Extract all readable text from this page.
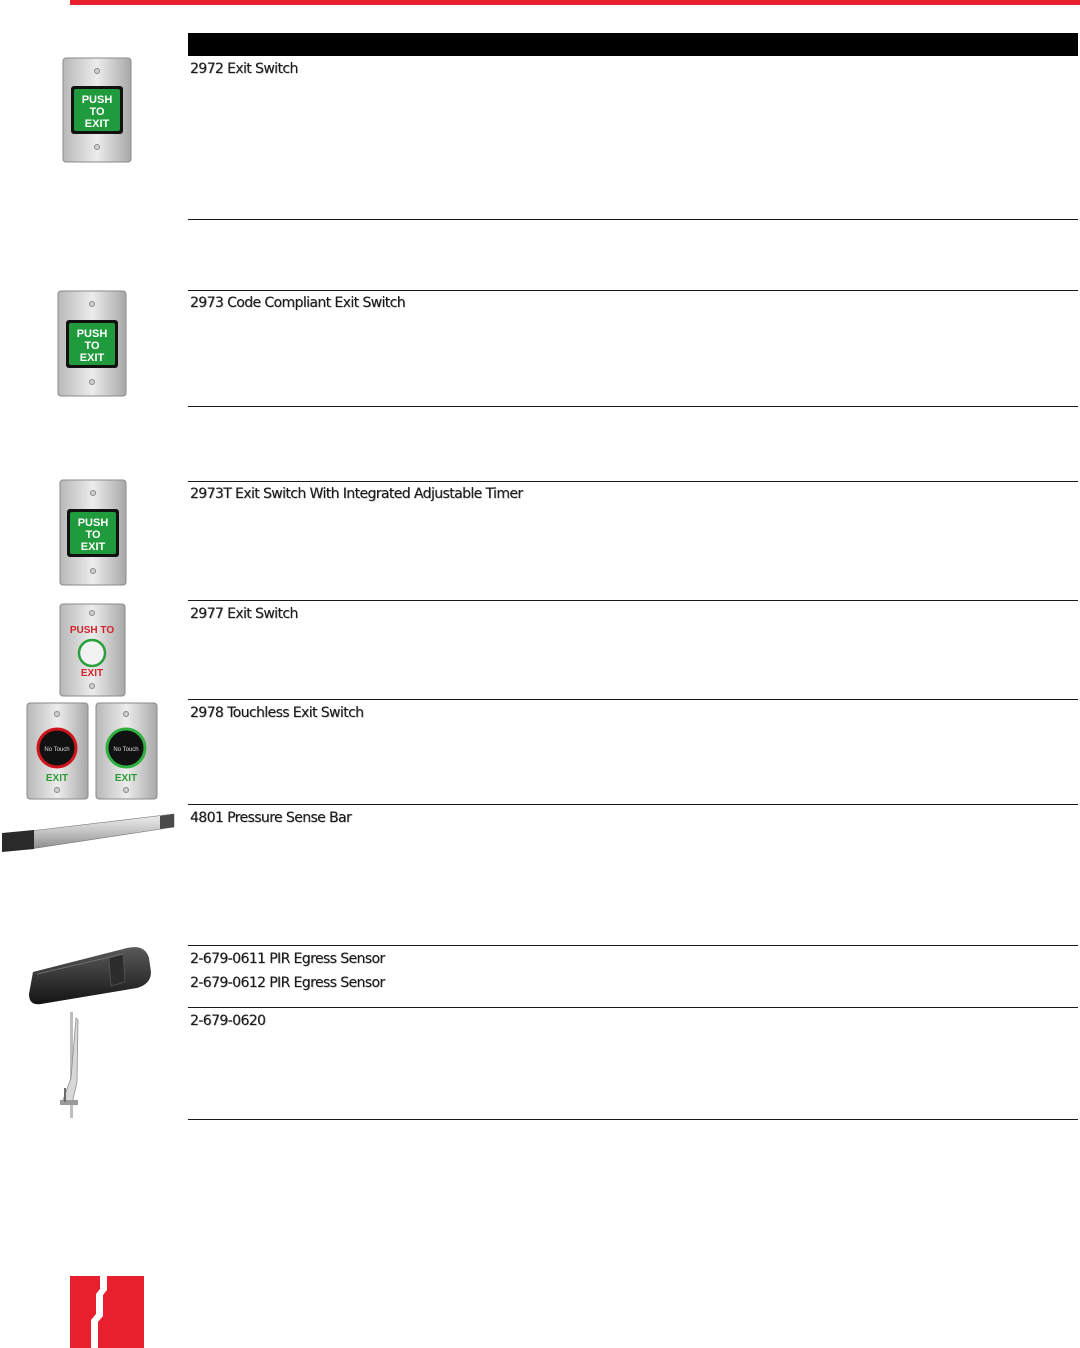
PUSH
TO
EXIT
2972 Exit Switch
PUSH
TO
EXIT
2973 Code Compliant Exit Switch
PUSH
TO
EXIT
2973T Exit Switch With Integrated Adjustable Timer
PUSH TO
EXIT
2977 Exit Switch
No Touch
EXIT
No Touch
EXIT
2978 Touchless Exit Switch
4801 Pressure Sense Bar
2-679-0611 PIR Egress Sensor
2-679-0612 PIR Egress Sensor
2-679-0620
